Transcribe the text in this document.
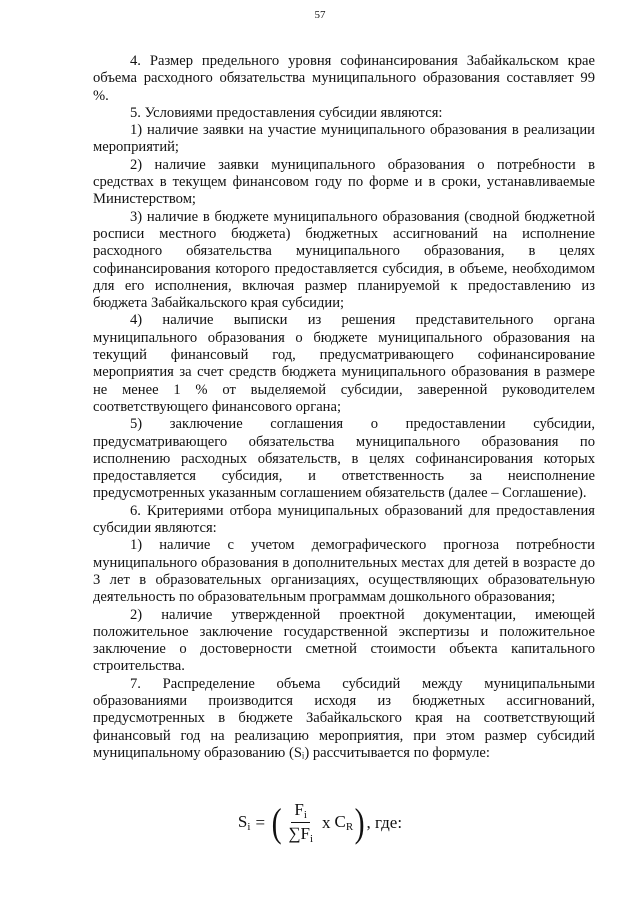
57

4. Размер предельного уровня софинансирования Забайкальском крае объема расходного обязательства муниципального образования составляет 99 %.

5. Условиями предоставления субсидии являются:

1) наличие заявки на участие муниципального образования в реализации мероприятий;

2) наличие заявки муниципального образования о потребности в средствах в текущем финансовом году по форме и в сроки, устанавливаемые Министерством;

3) наличие в бюджете муниципального образования (сводной бюджетной росписи местного бюджета) бюджетных ассигнований на исполнение расходного обязательства муниципального образования, в целях софинансирования которого предоставляется субсидия, в объеме, необходимом для его исполнения, включая размер планируемой к предоставлению из бюджета Забайкальского края субсидии;

4) наличие выписки из решения представительного органа муниципального образования о бюджете муниципального образования на текущий финансовый год, предусматривающего софинансирование мероприятия за счет средств бюджета муниципального образования в размере не менее 1 % от выделяемой субсидии, заверенной руководителем соответствующего финансового органа;

5) заключение соглашения о предоставлении субсидии, предусматривающего обязательства муниципального образования по исполнению расходных обязательств, в целях софинансирования которых предоставляется субсидия, и ответственность за неисполнение предусмотренных указанным соглашением обязательств (далее – Соглашение).

6. Критериями отбора муниципальных образований для предоставления субсидии являются:

1) наличие с учетом демографического прогноза потребности муниципального образования в дополнительных местах для детей в возрасте до 3 лет в образовательных организациях, осуществляющих образовательную деятельность по образовательным программам дошкольного образования;

2) наличие утвержденной проектной документации, имеющей положительное заключение государственной экспертизы и положительное заключение о достоверности сметной стоимости объекта капитального строительства.

7. Распределение объема субсидий между муниципальными образованиями производится исходя из бюджетных ассигнований, предусмотренных в бюджете Забайкальского края на соответствующий финансовый год на реализацию мероприятия, при этом размер субсидий муниципальному образованию (Sᵢ) рассчитывается по формуле:

$S_i$ = ( $\frac{F_i}{\sum F_i}$ x $C_R$ ) , где:
